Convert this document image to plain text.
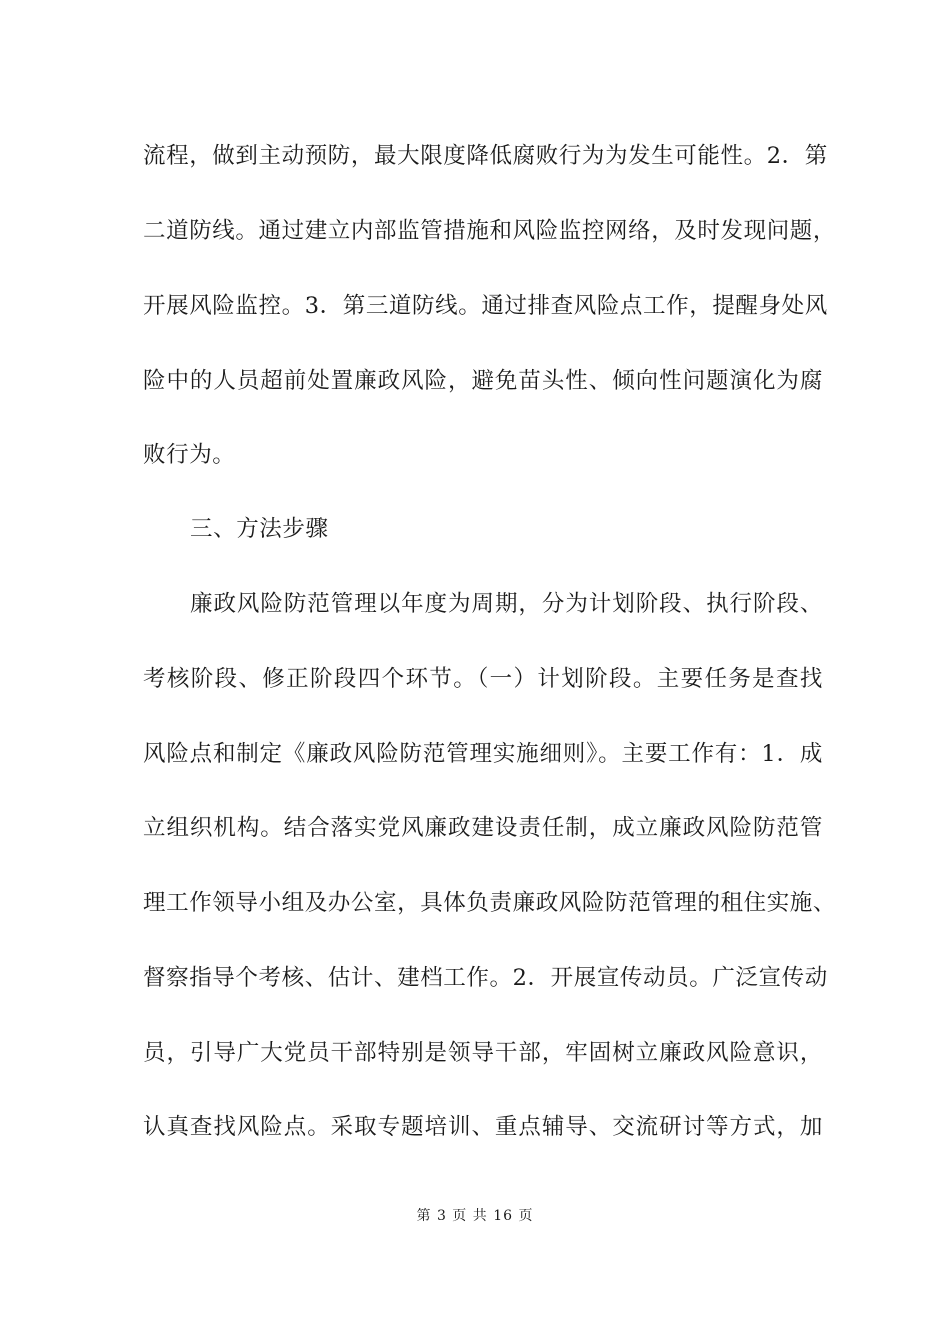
流程，做到主动预防，最大限度降低腐败行为为发生可能性。2．第
二道防线。通过建立内部监管措施和风险监控网络，及时发现问题，
开展风险监控。3．第三道防线。通过排查风险点工作，提醒身处风
险中的人员超前处置廉政风险，避免苗头性、倾向性问题演化为腐
败行为。
三、方法步骤
廉政风险防范管理以年度为周期，分为计划阶段、执行阶段、
考核阶段、修正阶段四个环节。（一）计划阶段。主要任务是查找
风险点和制定《廉政风险防范管理实施细则》。主要工作有：1．成
立组织机构。结合落实党风廉政建设责任制，成立廉政风险防范管
理工作领导小组及办公室，具体负责廉政风险防范管理的租住实施、
督察指导个考核、估计、建档工作。2．开展宣传动员。广泛宣传动
员，引导广大党员干部特别是领导干部，牢固树立廉政风险意识，
认真查找风险点。采取专题培训、重点辅导、交流研讨等方式，加
第 3 页 共 16 页
